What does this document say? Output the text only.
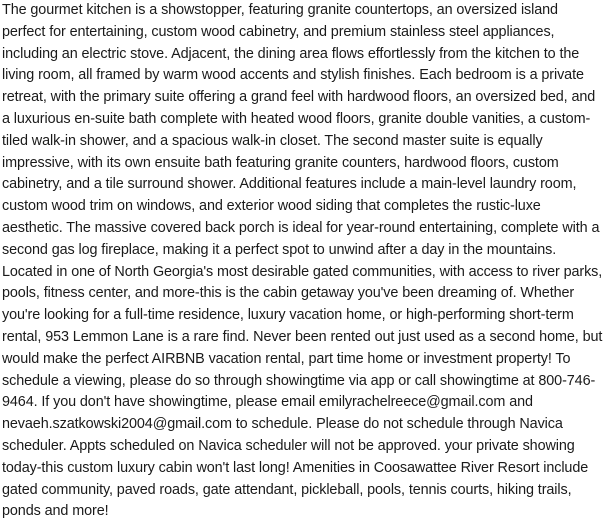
The gourmet kitchen is a showstopper, featuring granite countertops, an oversized island
perfect for entertaining, custom wood cabinetry, and premium stainless steel appliances,
including an electric stove. Adjacent, the dining area flows effortlessly from the kitchen to the
living room, all framed by warm wood accents and stylish finishes. Each bedroom is a private
retreat, with the primary suite offering a grand feel with hardwood floors, an oversized bed, and
a luxurious en-suite bath complete with heated wood floors, granite double vanities, a custom-
tiled walk-in shower, and a spacious walk-in closet. The second master suite is equally
impressive, with its own ensuite bath featuring granite counters, hardwood floors, custom
cabinetry, and a tile surround shower. Additional features include a main-level laundry room,
custom wood trim on windows, and exterior wood siding that completes the rustic-luxe
aesthetic. The massive covered back porch is ideal for year-round entertaining, complete with a
second gas log fireplace, making it a perfect spot to unwind after a day in the mountains.
Located in one of North Georgia's most desirable gated communities, with access to river parks,
pools, fitness center, and more-this is the cabin getaway you've been dreaming of. Whether
you're looking for a full-time residence, luxury vacation home, or high-performing short-term
rental, 953 Lemmon Lane is a rare find. Never been rented out just used as a second home, but
would make the perfect AIRBNB vacation rental, part time home or investment property! To
schedule a viewing, please do so through showingtime via app or call showingtime at 800-746-
9464. If you don't have showingtime, please email emilyrachelreece@gmail.com and
nevaeh.szatkowski2004@gmail.com to schedule. Please do not schedule through Navica
scheduler. Appts scheduled on Navica scheduler will not be approved. your private showing
today-this custom luxury cabin won't last long! Amenities in Coosawattee River Resort include
gated community, paved roads, gate attendant, pickleball, pools, tennis courts, hiking trails,
ponds and more!
